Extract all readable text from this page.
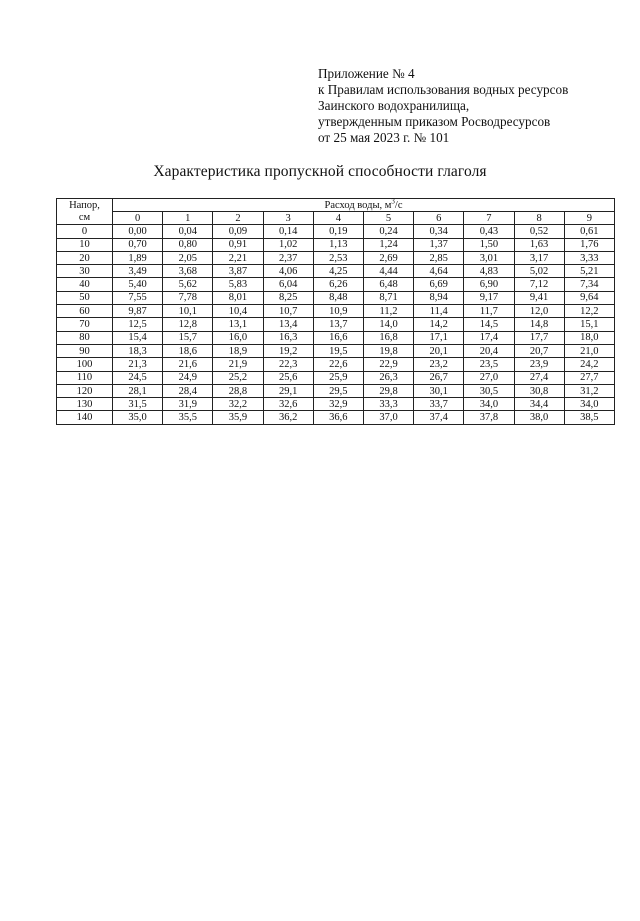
Приложение № 4
к Правилам использования водных ресурсов
Заинского водохранилища,
утвержденным приказом Росводресурсов
от 25 мая 2023 г. № 101
Характеристика пропускной способности глаголя
Напор,
см	Расход воды, $м^3/с$									
	0	1	2	3	4	5	6	7	8	9
0	0,00	0,04	0,09	0,14	0,19	0,24	0,34	0,43	0,52	0,61
10	0,70	0,80	0,91	1,02	1,13	1,24	1,37	1,50	1,63	1,76
20	1,89	2,05	2,21	2,37	2,53	2,69	2,85	3,01	3,17	3,33
30	3,49	3,68	3,87	4,06	4,25	4,44	4,64	4,83	5,02	5,21
40	5,40	5,62	5,83	6,04	6,26	6,48	6,69	6,90	7,12	7,34
50	7,55	7,78	8,01	8,25	8,48	8,71	8,94	9,17	9,41	9,64
60	9,87	10,1	10,4	10,7	10,9	11,2	11,4	11,7	12,0	12,2
70	12,5	12,8	13,1	13,4	13,7	14,0	14,2	14,5	14,8	15,1
80	15,4	15,7	16,0	16,3	16,6	16,8	17,1	17,4	17,7	18,0
90	18,3	18,6	18,9	19,2	19,5	19,8	20,1	20,4	20,7	21,0
100	21,3	21,6	21,9	22,3	22,6	22,9	23,2	23,5	23,9	24,2
110	24,5	24,9	25,2	25,6	25,9	26,3	26,7	27,0	27,4	27,7
120	28,1	28,4	28,8	29,1	29,5	29,8	30,1	30,5	30,8	31,2
130	31,5	31,9	32,2	32,6	32,9	33,3	33,7	34,0	34,4	34,0
140	35,0	35,5	35,9	36,2	36,6	37,0	37,4	37,8	38,0	38,5
